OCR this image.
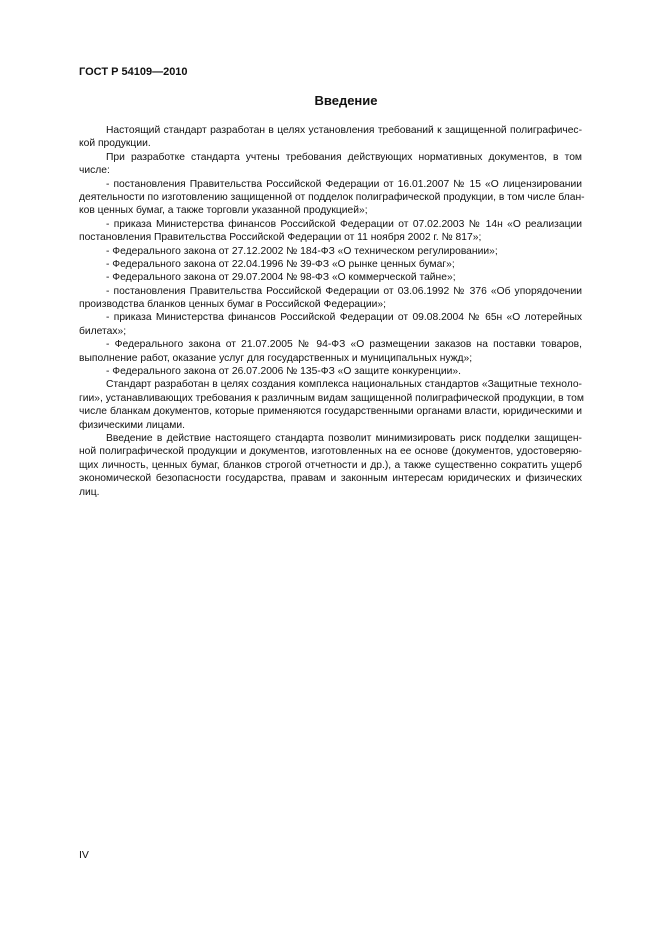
ГОСТ Р 54109—2010
Введение
Настоящий стандарт разработан в целях установления требований к защищенной полиграфичес-
кой продукции.
При разработке стандарта учтены требования действующих нормативных документов, в том
числе:
- постановления Правительства Российской Федерации от 16.01.2007 № 15 «О лицензировании
деятельности по изготовлению защищенной от подделок полиграфической продукции, в том числе блан-
ков ценных бумаг, а также торговли указанной продукцией»;
- приказа Министерства финансов Российской Федерации от 07.02.2003 № 14н «О реализации
постановления Правительства Российской Федерации от 11 ноября 2002 г. № 817»;
- Федерального закона от 27.12.2002 № 184-ФЗ «О техническом регулировании»;
- Федерального закона от 22.04.1996 № 39-ФЗ «О рынке ценных бумаг»;
- Федерального закона от 29.07.2004 № 98-ФЗ «О коммерческой тайне»;
- постановления Правительства Российской Федерации от 03.06.1992 № 376 «Об упорядочении
производства бланков ценных бумаг в Российской Федерации»;
- приказа Министерства финансов Российской Федерации от 09.08.2004 № 65н «О лотерейных
билетах»;
- Федерального закона от 21.07.2005 № 94-ФЗ «О размещении заказов на поставки товаров,
выполнение работ, оказание услуг для государственных и муниципальных нужд»;
- Федерального закона от 26.07.2006 № 135-ФЗ «О защите конкуренции».
Стандарт разработан в целях создания комплекса национальных стандартов «Защитные техноло-
гии», устанавливающих требования к различным видам защищенной полиграфической продукции, в том
числе бланкам документов, которые применяются государственными органами власти, юридическими и
физическими лицами.
Введение в действие настоящего стандарта позволит минимизировать риск подделки защищен-
ной полиграфической продукции и документов, изготовленных на ее основе (документов, удостоверяю-
щих личность, ценных бумаг, бланков строгой отчетности и др.), а также существенно сократить ущерб
экономической безопасности государства, правам и законным интересам юридических и физических
лиц.
IV
